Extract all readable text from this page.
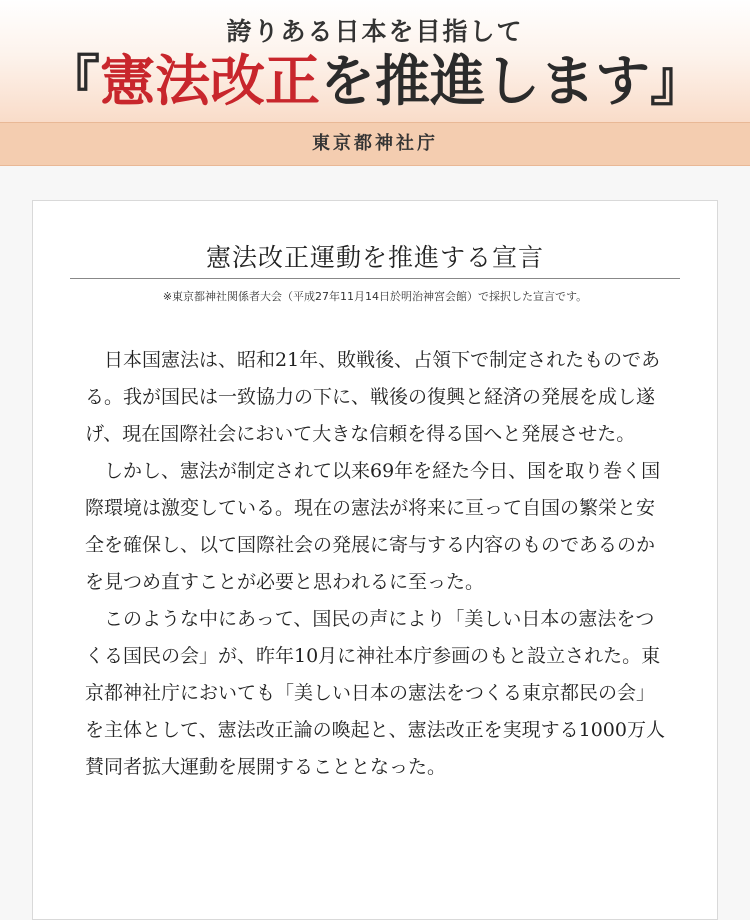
誇りある日本を目指して
『憲法改正を推進します』
東京都神社庁
憲法改正運動を推進する宣言
※東京都神社関係者大会（平成27年11月14日於明治神宮会館）で採択した宣言です。

日本国憲法は、昭和21年、敗戦後、占領下で制定されたものである。我が国民は一致協力の下に、戦後の復興と経済の発展を成し遂げ、現在国際社会において大きな信頼を得る国へと発展させた。

しかし、憲法が制定されて以来69年を経た今日、国を取り巻く国際環境は激変している。現在の憲法が将来に亘って自国の繁栄と安全を確保し、以て国際社会の発展に寄与する内容のものであるのかを見つめ直すことが必要と思われるに至った。

このような中にあって、国民の声により「美しい日本の憲法をつくる国民の会」が、昨年10月に神社本庁参画のもと設立された。東京都神社庁においても「美しい日本の憲法をつくる東京都民の会」を主体として、憲法改正論の喚起と、憲法改正を実現する1000万人賛同者拡大運動を展開することとなった。
